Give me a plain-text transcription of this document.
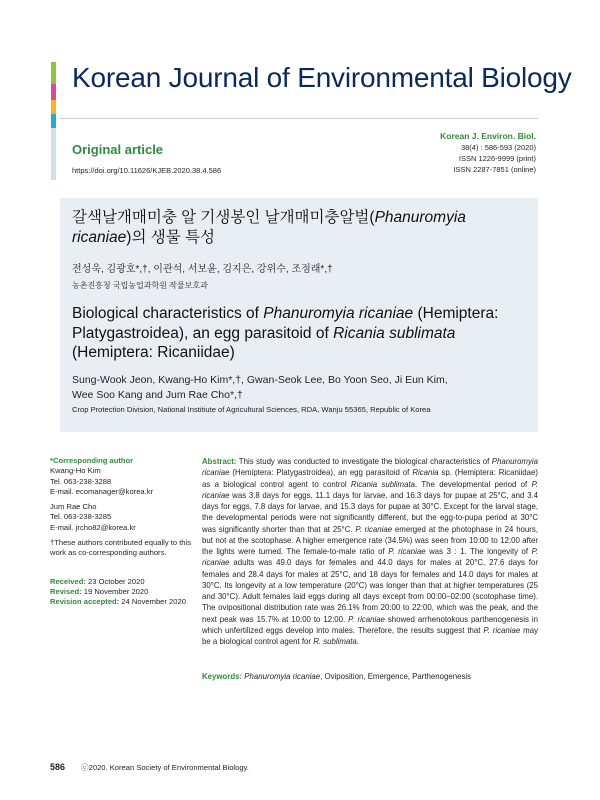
Korean Journal of Environmental Biology
Original article
https://doi.org/10.11626/KJEB.2020.38.4.586
Korean J. Environ. Biol.
38(4) : 586-593 (2020)
ISSN 1226-9999 (print)
ISSN 2287-7851 (online)
갈색날개매미충 알 기생봉인 날개매미충알벌(Phanuromyia ricaniae)의 생물 특성
전성욱, 김광호*,†, 이관석, 서보윤, 김지은, 강위수, 조점래*,†
농촌진흥청 국립농업과학원 작물보호과
Biological characteristics of Phanuromyia ricaniae (Hemiptera: Platygastroidea), an egg parasitoid of Ricania sublimata (Hemiptera: Ricaniidae)
Sung-Wook Jeon, Kwang-Ho Kim*,†, Gwan-Seok Lee, Bo Yoon Seo, Ji Eun Kim,
Wee Soo Kang and Jum Rae Cho*,†
Crop Protection Division, National Institiute of Agricultural Sciences, RDA, Wanju 55365, Republic of Korea
*Corresponding author
Kwang-Ho Kim
Tel. 063-238-3288
E-mail. ecomanager@korea.kr
Jum Rae Cho
Tel. 063-238-3285
E-mail. jrcho82@korea.kr
†These authors contributed equally to this work as co-corresponding authors.
Received: 23 October 2020
Revised: 19 November 2020
Revision accepted: 24 November 2020
Abstract: This study was conducted to investigate the biological characteristics of Phanuromyia ricaniae (Hemiptera: Platygastroidea), an egg parasitoid of Ricania sp. (Hemiptera: Ricaniidae) as a biological control agent to control Ricania sublimata. The developmental period of P. ricaniae was 3.8 days for eggs, 11.1 days for larvae, and 16.3 days for pupae at 25°C, and 3.4 days for eggs, 7.8 days for larvae, and 15.3 days for pupae at 30°C. Except for the larval stage, the developmental periods were not significantly different, but the egg-to-pupa period at 30°C was significantly shorter than that at 25°C. P. ricaniae emerged at the photophase in 24 hours, but not at the scotophase. A higher emergence rate (34.5%) was seen from 10:00 to 12:00 after the lights were turned. The female-to-male ratio of P. ricaniae was 3 : 1. The longevity of P. ricaniae adults was 49.0 days for females and 44.0 days for males at 20°C, 27.6 days for females and 28.4 days for males at 25°C, and 18 days for females and 14.0 days for males at 30°C. Its longevity at a low temperature (20°C) was longer than that at higher temperatures (25 and 30°C). Adult females laid eggs during all days except from 00:00–02:00 (scotophase time). The ovipositional distribution rate was 26.1% from 20:00 to 22:00, which was the peak, and the next peak was 15.7% at 10:00 to 12:00. P. ricaniae showed arrhenotokous parthenogenesis in which unfertilized eggs develop into males. Therefore, the results suggest that P. ricaniae may be a biological control agent for R. sublimata.
Keywords: Phanuromyia ricaniae, Oviposition, Emergence, Parthenogenesis
586 ⓒ2020. Korean Society of Environmental Biology.
